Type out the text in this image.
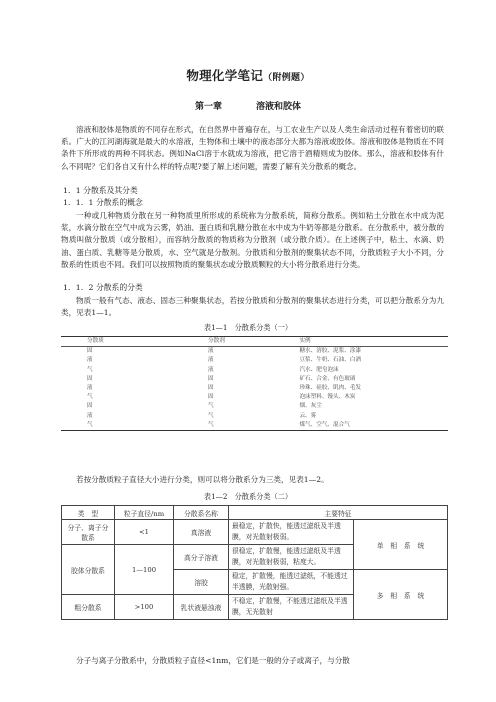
物理化学笔记（附例题）
第一章	溶液和胶体

溶液和胶体是物质的不同存在形式，在自然界中普遍存在，与工农业生产以及人类生命活动过程有着密切的联系。广大的江河湖海就是最大的水溶液，生物体和土壤中的液态部分大都为溶液或胶体。溶液和胶体是物质在不同条件下所形成的两种不同状态。例如NaCl溶于水就成为溶液，把它溶于酒精则成为胶体。那么，溶液和胶体有什么不同呢？它们各自又有什么样的特点呢?要了解上述问题，需要了解有关分散系的概念。

1．1 分散系及其分类
1．1．1 分散系的概念

一种或几种物质分散在另一种物质里所形成的系统称为分散系统，简称分散系。例如粘土分散在水中成为泥浆，水滴分散在空气中成为云雾，奶油、蛋白质和乳糖分散在水中成为牛奶等都是分散系。在分散系中，被分散的物质叫做分散质（或分散相），而容纳分散质的物质称为分散剂（或分散介质）。在上述例子中，粘土、水滴、奶油、蛋白质、乳糖等是分散质，水、空气就是分散剂。分散质和分散剂的聚集状态不同，分散质粒子大小不同，分散系的性质也不同。我们可以按照物质的聚集状态或分散质颗粒的大小将分散系进行分类。

1．1．2 分散系的分类

物质一般有气态、液态、固态三种聚集状态，若按分散质和分散剂的聚集状态进行分类，可以把分散系分为九类，见表1—1。

表1—1　分散系分类（一）
分散质	分散剂	实例
固	液	糖水、溶胶、泥浆、涂漆
液	液	豆浆、牛奶、石油、白酒
气	液	汽水、肥皂泡沫
固	固	矿石、合金、有色玻璃
液	固	珍珠、硅胶、肌肉、毛发
气	固	泡沫塑料、馒头、木炭
固	气	烟、灰尘
液	气	云、雾
气	气	煤气、空气、混合气

若按分散质粒子直径大小进行分类，则可以将分散系分为三类，见表1—2。

表1—2　分散系分类（二）
类　型	粒子直径/nm	分散系名称	主要特征	
分子、离子分散系	<1	真溶液	最稳定，扩散快，能透过滤纸及半透膜，对光散射极弱。	单　相　系　统
胶体分散系	1—100	高分子溶液	很稳定，扩散慢，能透过滤纸及半透膜，对光散射极弱，粘度大。	
		溶胶	稳定，扩散慢，能透过滤纸，不能透过半透膜，光散射强。	多　相　系　统
粗分散系	>100	乳状液悬浊液	不稳定，扩散慢，不能透过滤纸及半透膜，无光散射	

分子与离子分散系中，分散质粒子直径<1nm，它们是一般的分子或离子，与分散
